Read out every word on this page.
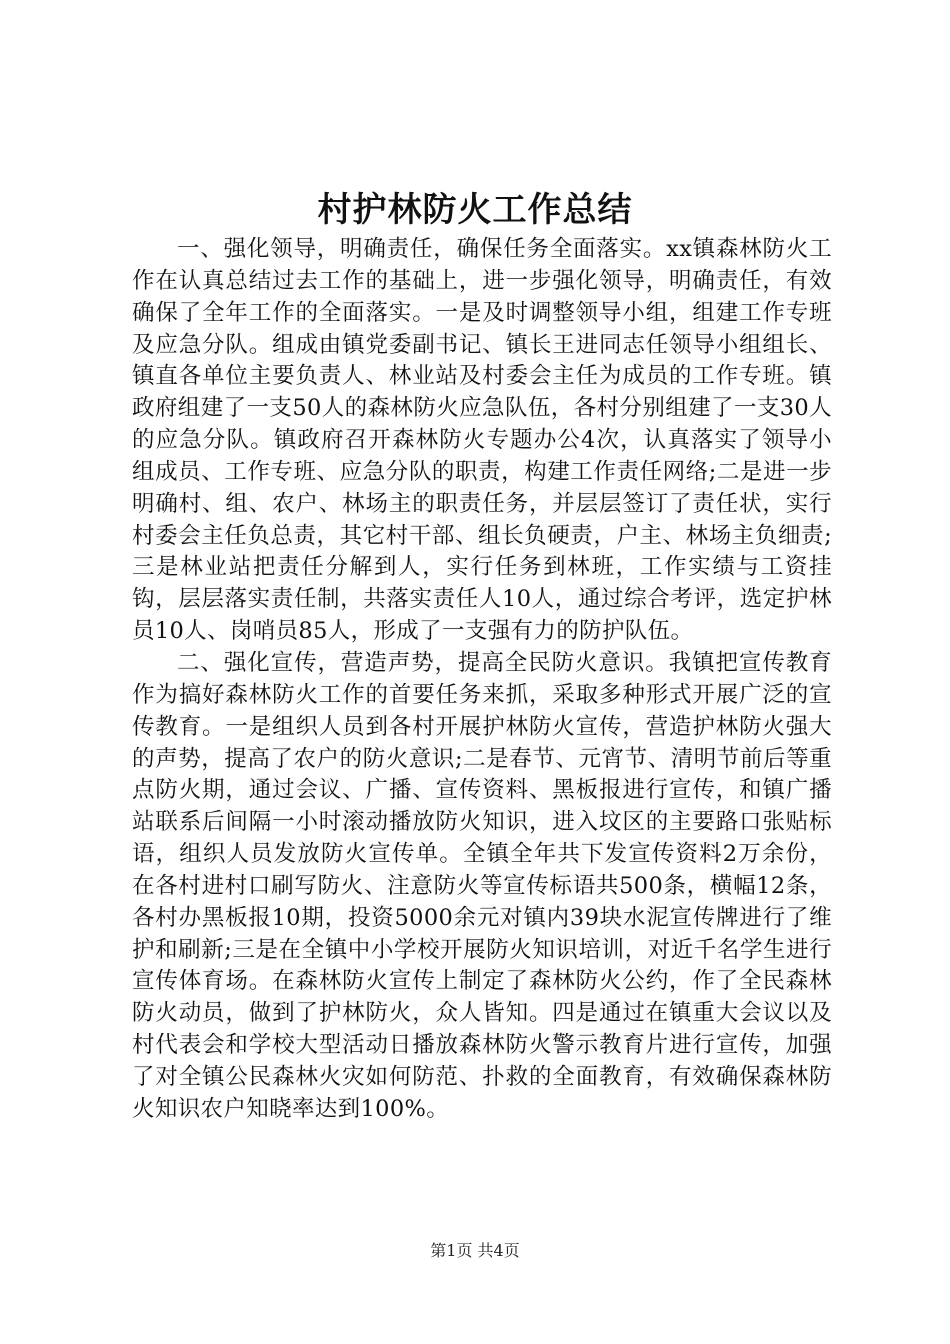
村护林防火工作总结

一、强化领导，明确责任，确保任务全面落实。xx镇森林防火工作在认真总结过去工作的基础上，进一步强化领导，明确责任，有效确保了全年工作的全面落实。一是及时调整领导小组，组建工作专班及应急分队。组成由镇党委副书记、镇长王进同志任领导小组组长、镇直各单位主要负责人、林业站及村委会主任为成员的工作专班。镇政府组建了一支50人的森林防火应急队伍，各村分别组建了一支30人的应急分队。镇政府召开森林防火专题办公4次，认真落实了领导小组成员、工作专班、应急分队的职责，构建工作责任网络;二是进一步明确村、组、农户、林场主的职责任务，并层层签订了责任状，实行村委会主任负总责，其它村干部、组长负硬责，户主、林场主负细责;三是林业站把责任分解到人，实行任务到林班，工作实绩与工资挂钩，层层落实责任制，共落实责任人10人，通过综合考评，选定护林员10人、岗哨员85人，形成了一支强有力的防护队伍。

二、强化宣传，营造声势，提高全民防火意识。我镇把宣传教育作为搞好森林防火工作的首要任务来抓，采取多种形式开展广泛的宣传教育。一是组织人员到各村开展护林防火宣传，营造护林防火强大的声势，提高了农户的防火意识;二是春节、元宵节、清明节前后等重点防火期，通过会议、广播、宣传资料、黑板报进行宣传，和镇广播站联系后间隔一小时滚动播放防火知识，进入坟区的主要路口张贴标语，组织人员发放防火宣传单。全镇全年共下发宣传资料2万余份，在各村进村口刷写防火、注意防火等宣传标语共500条，横幅12条，各村办黑板报10期，投资5000余元对镇内39块水泥宣传牌进行了维护和刷新;三是在全镇中小学校开展防火知识培训，对近千名学生进行宣传体育场。在森林防火宣传上制定了森林防火公约，作了全民森林防火动员，做到了护林防火，众人皆知。四是通过在镇重大会议以及村代表会和学校大型活动日播放森林防火警示教育片进行宣传，加强了对全镇公民森林火灾如何防范、扑救的全面教育，有效确保森林防火知识农户知晓率达到100%。

第1页 共4页
